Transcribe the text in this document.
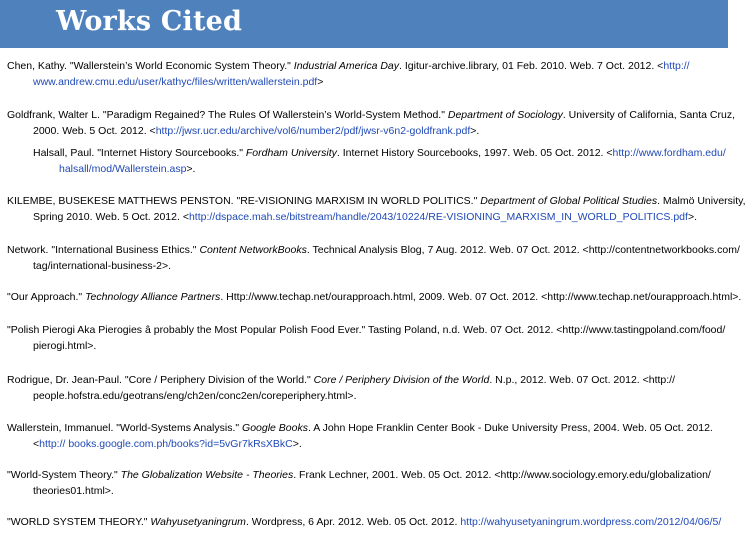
Works Cited

Chen, Kathy. "Wallerstein’s World Economic System Theory." Industrial America Day. Igitur-archive.library, 01 Feb. 2010. Web. 7 Oct. 2012. <http:// www.andrew.cmu.edu/user/kathyc/files/written/wallerstein.pdf>

Goldfrank, Walter L. "Paradigm Regained? The Rules Of Wallerstein’s World-System Method." Department of Sociology. University of California, Santa Cruz, 2000. Web. 5 Oct. 2012. <http://jwsr.ucr.edu/archive/vol6/number2/pdf/jwsr-v6n2-goldfrank.pdf>.

Halsall, Paul. "Internet History Sourcebooks." Fordham University. Internet History Sourcebooks, 1997. Web. 05 Oct. 2012. <http://www.fordham.edu/ halsall/mod/Wallerstein.asp>.

KILEMBE, BUSEKESE MATTHEWS PENSTON. "RE-VISIONING MARXISM IN WORLD POLITICS." Department of Global Political Studies. Malmö University, Spring 2010. Web. 5 Oct. 2012. <http://dspace.mah.se/bitstream/handle/2043/10224/RE-VISIONING_MARXISM_IN_WORLD_POLITICS.pdf>.

Network. "International Business Ethics." Content NetworkBooks. Technical Analysis Blog, 7 Aug. 2012. Web. 07 Oct. 2012. <http://contentnetworkbooks.com/ tag/international-business-2>.

"Our Approach." Technology Alliance Partners. Http://www.techap.net/ourapproach.html, 2009. Web. 07 Oct. 2012. <http://www.techap.net/ourapproach.html>.

"Polish Pierogi Aka Pierogies â probably the Most Popular Polish Food Ever." Tasting Poland, n.d. Web. 07 Oct. 2012. <http://www.tastingpoland.com/food/ pierogi.html>.

Rodrigue, Dr. Jean-Paul. "Core / Periphery Division of the World." Core / Periphery Division of the World. N.p., 2012. Web. 07 Oct. 2012. <http:// people.hofstra.edu/geotrans/eng/ch2en/conc2en/coreperiphery.html>.

Wallerstein, Immanuel. "World-Systems Analysis." Google Books. A John Hope Franklin Center Book - Duke University Press, 2004. Web. 05 Oct. 2012. <http:// books.google.com.ph/books?id=5vGr7kRsXBkC>.

"World-System Theory." The Globalization Website - Theories. Frank Lechner, 2001. Web. 05 Oct. 2012. <http://www.sociology.emory.edu/globalization/ theories01.html>.

"WORLD SYSTEM THEORY." Wahyusetyaningrum. Wordpress, 6 Apr. 2012. Web. 05 Oct. 2012. http://wahyusetyaningrum.wordpress.com/2012/04/06/5/
